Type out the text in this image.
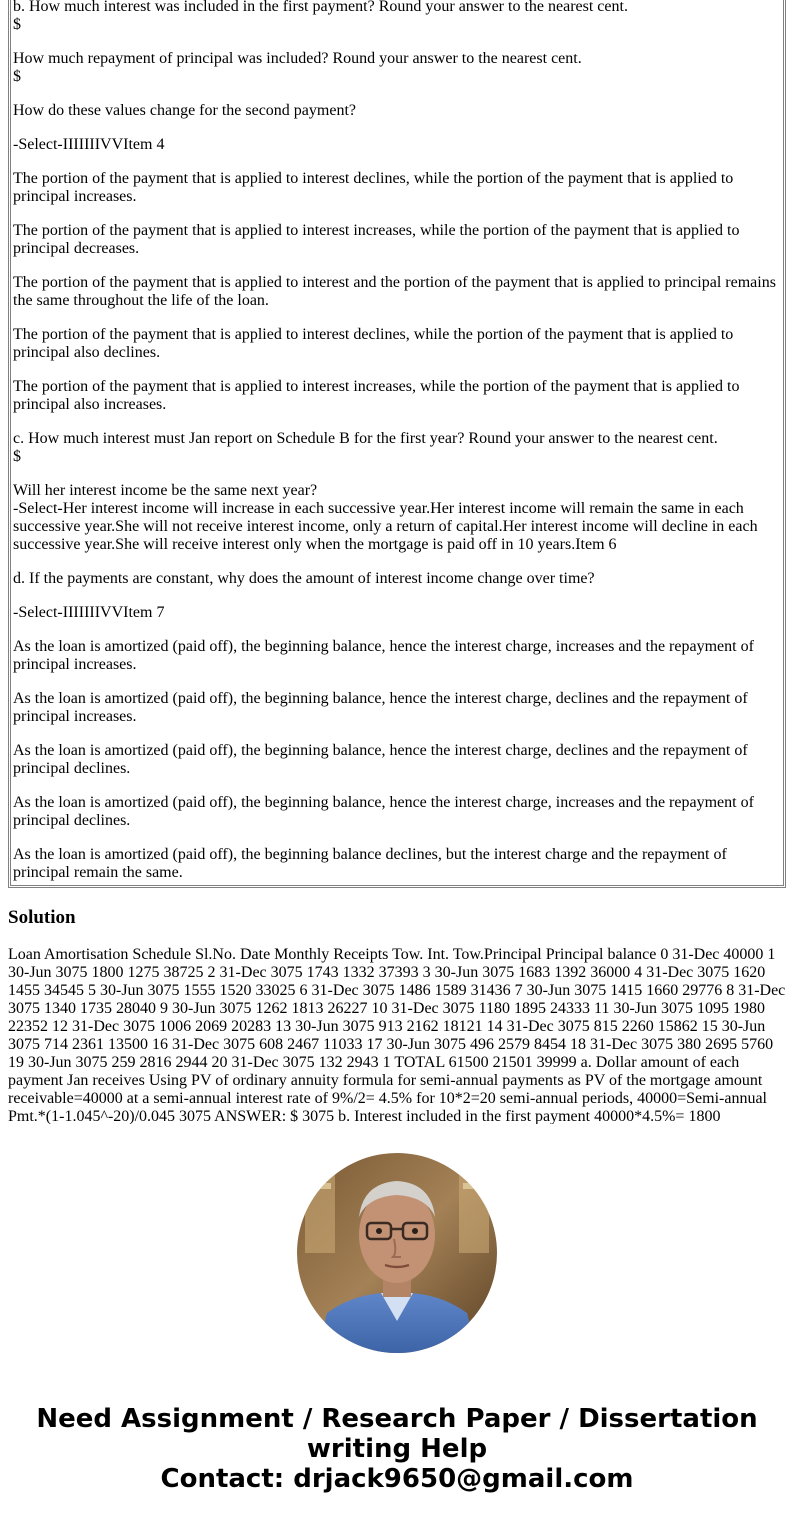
b. How much interest was included in the first payment? Round your answer to the nearest cent.
$

How much repayment of principal was included? Round your answer to the nearest cent.
$

How do these values change for the second payment?

-Select-IIIIIIIVVItem 4

The portion of the payment that is applied to interest declines, while the portion of the payment that is applied to principal increases.

The portion of the payment that is applied to interest increases, while the portion of the payment that is applied to principal decreases.

The portion of the payment that is applied to interest and the portion of the payment that is applied to principal remains the same throughout the life of the loan.

The portion of the payment that is applied to interest declines, while the portion of the payment that is applied to principal also declines.

The portion of the payment that is applied to interest increases, while the portion of the payment that is applied to principal also increases.

c. How much interest must Jan report on Schedule B for the first year? Round your answer to the nearest cent.
$

Will her interest income be the same next year?
-Select-Her interest income will increase in each successive year.Her interest income will remain the same in each successive year.She will not receive interest income, only a return of capital.Her interest income will decline in each successive year.She will receive interest only when the mortgage is paid off in 10 years.Item 6

d. If the payments are constant, why does the amount of interest income change over time?

-Select-IIIIIIIVVItem 7

As the loan is amortized (paid off), the beginning balance, hence the interest charge, increases and the repayment of principal increases.

As the loan is amortized (paid off), the beginning balance, hence the interest charge, declines and the repayment of principal increases.

As the loan is amortized (paid off), the beginning balance, hence the interest charge, declines and the repayment of principal declines.

As the loan is amortized (paid off), the beginning balance, hence the interest charge, increases and the repayment of principal declines.

As the loan is amortized (paid off), the beginning balance declines, but the interest charge and the repayment of principal remain the same.

Solution

Loan Amortisation Schedule Sl.No. Date Monthly Receipts Tow. Int. Tow.Principal Principal balance 0 31-Dec 40000 1 30-Jun 3075 1800 1275 38725 2 31-Dec 3075 1743 1332 37393 3 30-Jun 3075 1683 1392 36000 4 31-Dec 3075 1620 1455 34545 5 30-Jun 3075 1555 1520 33025 6 31-Dec 3075 1486 1589 31436 7 30-Jun 3075 1415 1660 29776 8 31-Dec 3075 1340 1735 28040 9 30-Jun 3075 1262 1813 26227 10 31-Dec 3075 1180 1895 24333 11 30-Jun 3075 1095 1980 22352 12 31-Dec 3075 1006 2069 20283 13 30-Jun 3075 913 2162 18121 14 31-Dec 3075 815 2260 15862 15 30-Jun 3075 714 2361 13500 16 31-Dec 3075 608 2467 11033 17 30-Jun 3075 496 2579 8454 18 31-Dec 3075 380 2695 5760 19 30-Jun 3075 259 2816 2944 20 31-Dec 3075 132 2943 1 TOTAL 61500 21501 39999 a. Dollar amount of each payment Jan receives Using PV of ordinary annuity formula for semi-annual payments as PV of the mortgage amount receivable=40000 at a semi-annual interest rate of 9%/2= 4.5% for 10*2=20 semi-annual periods, 40000=Semi-annual Pmt.*(1-1.045^-20)/0.045 3075 ANSWER: $ 3075 b. Interest included in the first payment 40000*4.5%= 1800

Need Assignment / Research Paper / Dissertation
writing Help
Contact: drjack9650@gmail.com
